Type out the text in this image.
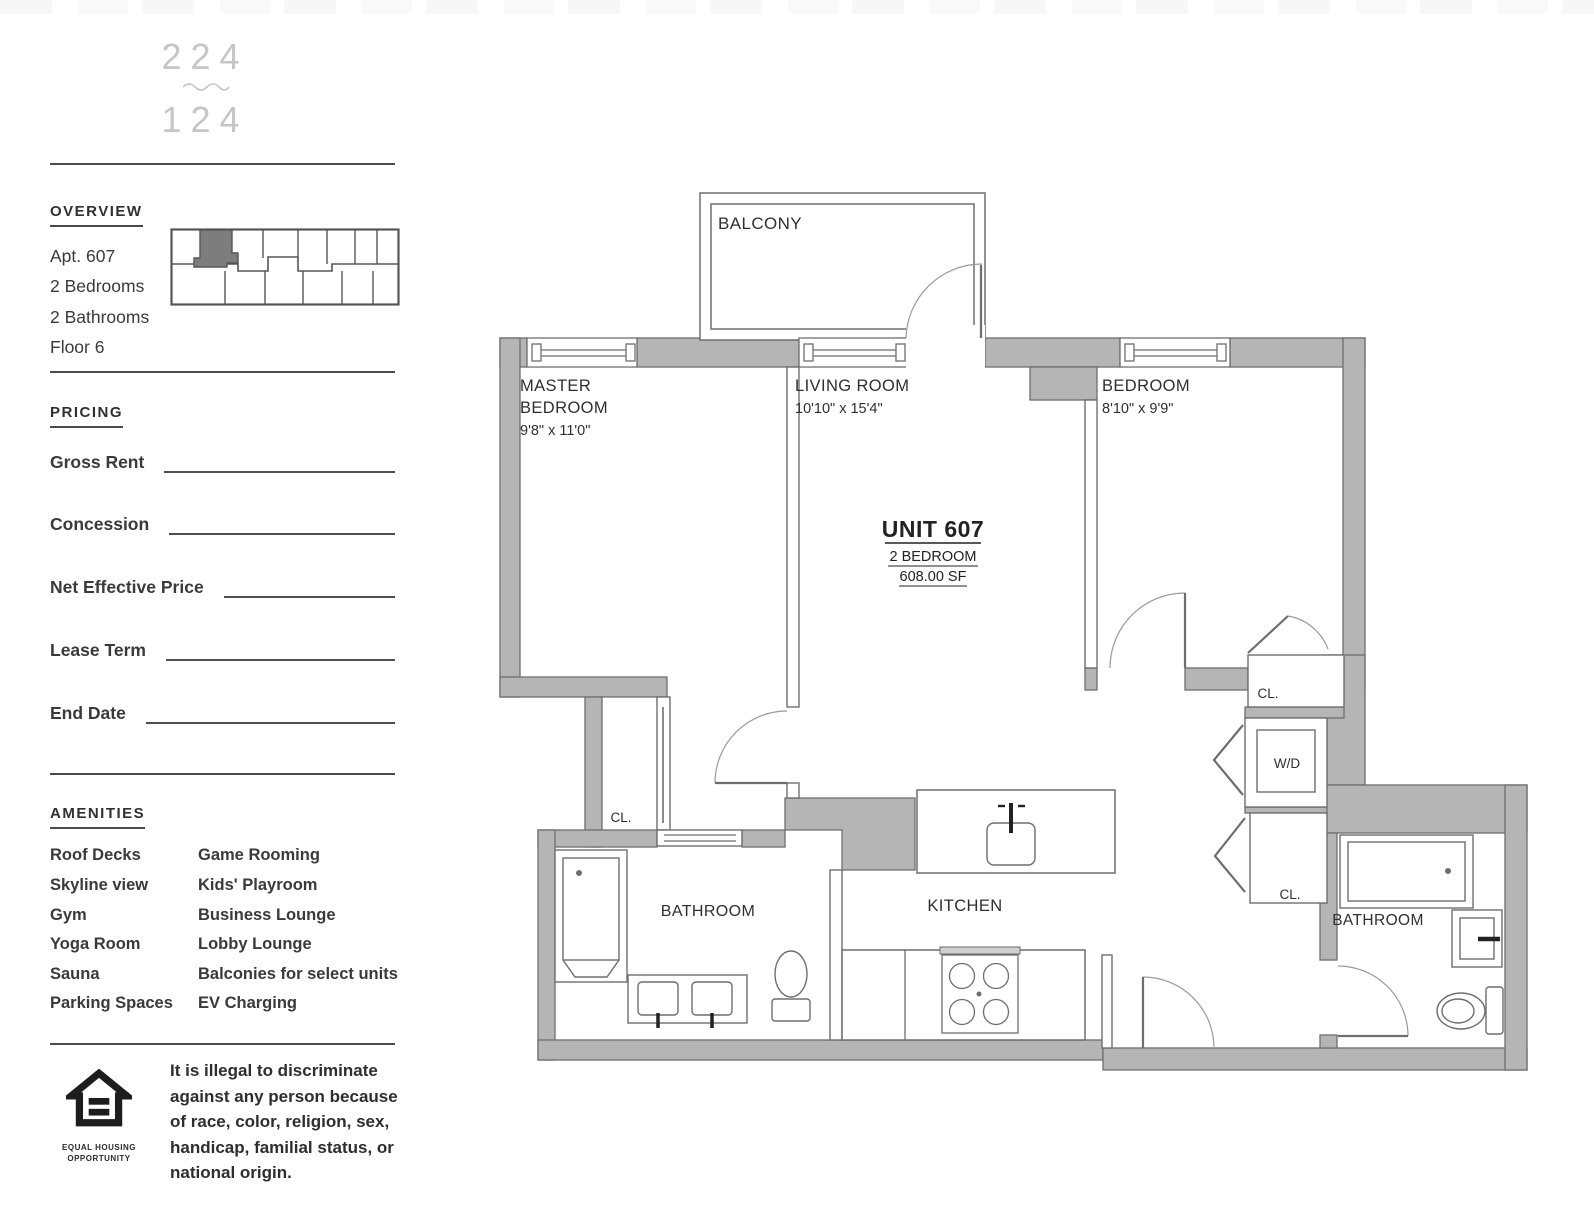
224
124
OVERVIEW
Apt. 607
2 Bedrooms
2 Bathrooms
Floor 6
PRICING
Gross Rent
Concession
Net Effective Price
Lease Term
End Date
AMENITIES
Roof Decks
Skyline view
Gym
Yoga Room
Sauna
Parking Spaces
Game Rooming
Kids' Playroom
Business Lounge
Lobby Lounge
Balconies for select units
EV Charging
EQUAL HOUSING
OPPORTUNITY
It is illegal to discriminate against any person because of race, color, religion, sex, handicap, familial status, or national origin.
BALCONY
MASTER
BEDROOM
9'8" x 11'0"
LIVING ROOM
10'10" x 15'4"
BEDROOM
8'10" x 9'9"
UNIT 607
2 BEDROOM
608.00 SF
CL.
BATHROOM	KITCHEN
CL.
W/D
CL.
BATHROOM
